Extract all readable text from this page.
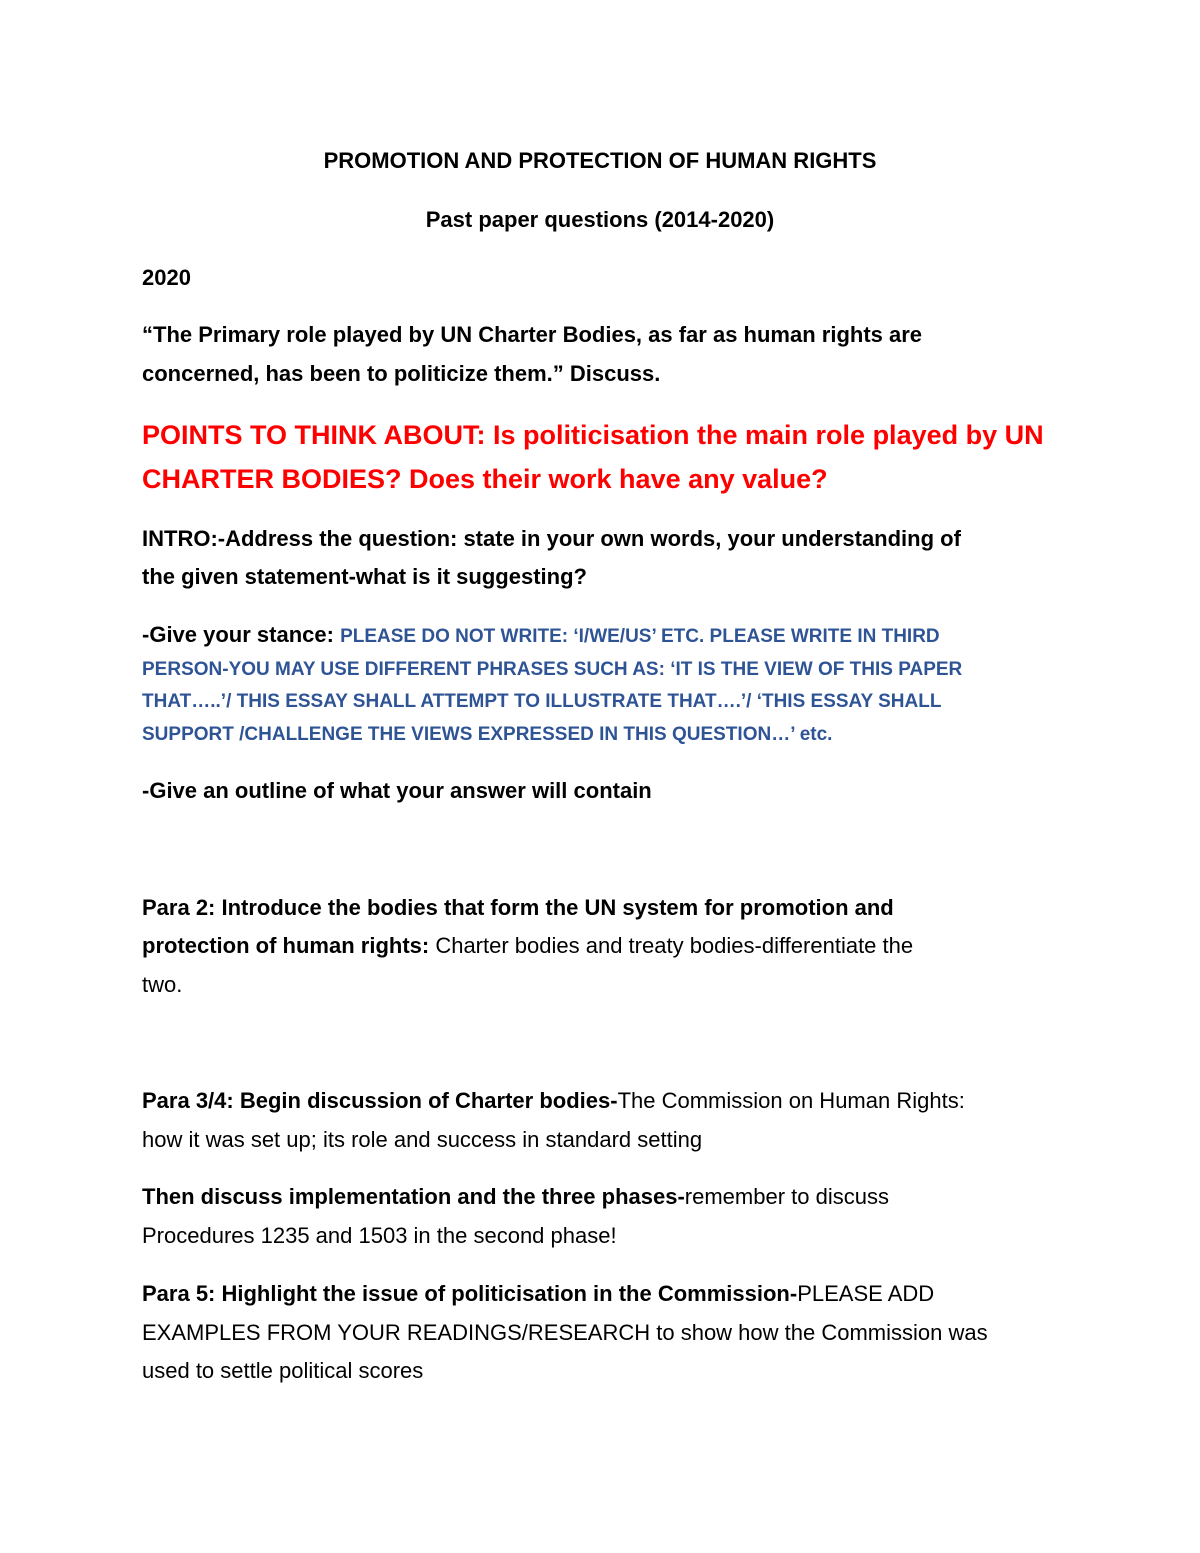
PROMOTION AND PROTECTION OF HUMAN RIGHTS
Past paper questions (2014-2020)
2020
“The Primary role played by UN Charter Bodies, as far as human rights are
concerned, has been to politicize them.” Discuss.
POINTS TO THINK ABOUT: Is politicisation the main role played by UN
CHARTER BODIES? Does their work have any value?
INTRO:-Address the question: state in your own words, your understanding of
the given statement-what is it suggesting?
-Give your stance: PLEASE DO NOT WRITE: ‘I/WE/US’ ETC. PLEASE WRITE IN THIRD
PERSON-YOU MAY USE DIFFERENT PHRASES SUCH AS: ‘IT IS THE VIEW OF THIS PAPER
THAT…..’/ THIS ESSAY SHALL ATTEMPT TO ILLUSTRATE THAT….’/ ‘THIS ESSAY SHALL
SUPPORT /CHALLENGE THE VIEWS EXPRESSED IN THIS QUESTION…’ etc.
-Give an outline of what your answer will contain
Para 2: Introduce the bodies that form the UN system for promotion and
protection of human rights: Charter bodies and treaty bodies-differentiate the
two.
Para 3/4: Begin discussion of Charter bodies-The Commission on Human Rights:
how it was set up; its role and success in standard setting
Then discuss implementation and the three phases-remember to discuss
Procedures 1235 and 1503 in the second phase!
Para 5: Highlight the issue of politicisation in the Commission-PLEASE ADD
EXAMPLES FROM YOUR READINGS/RESEARCH to show how the Commission was
used to settle political scores
